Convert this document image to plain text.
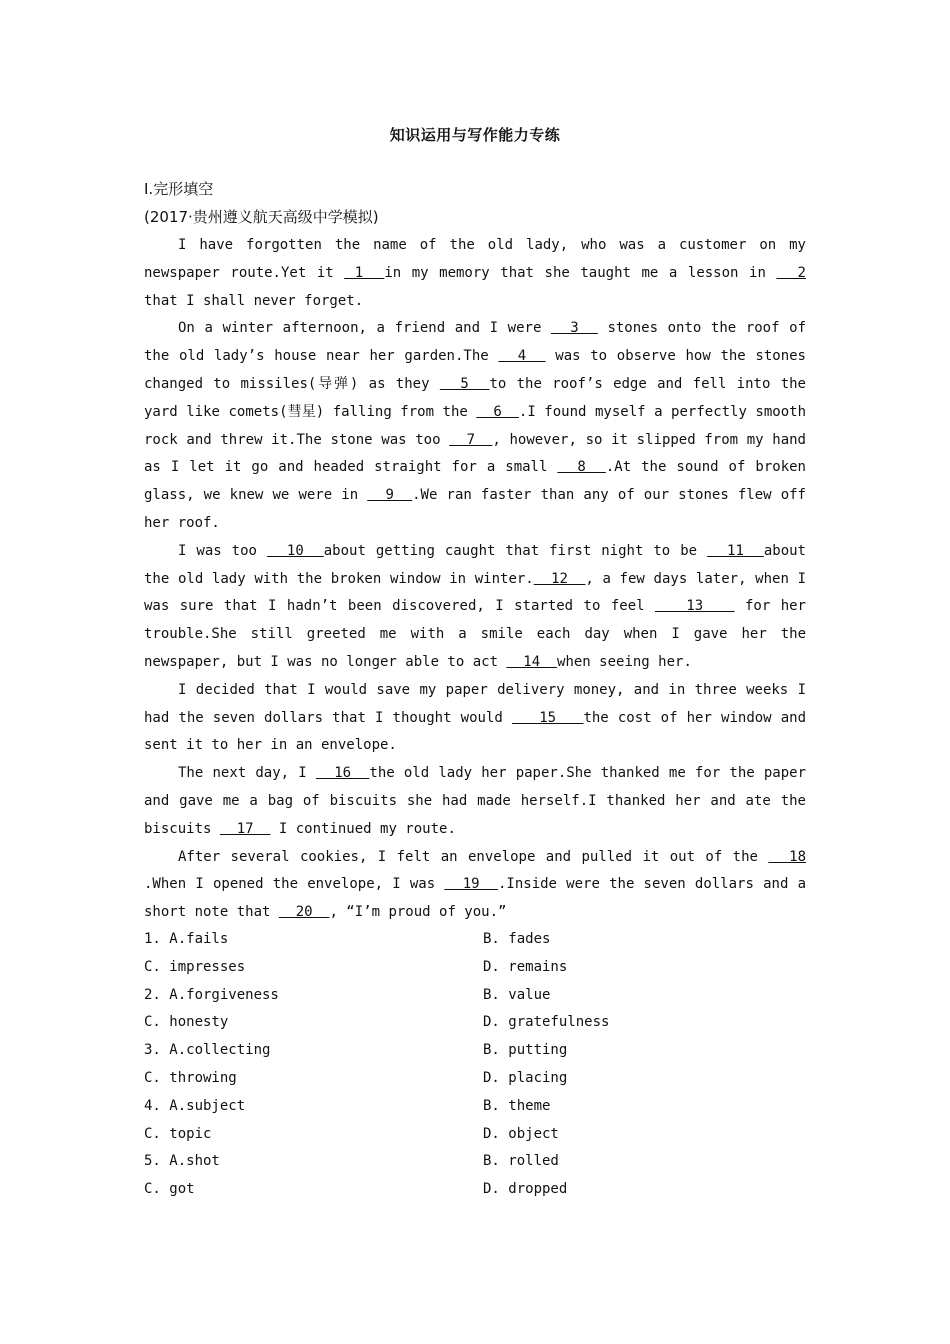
知识运用与写作能力专练
Ⅰ.完形填空
(2017·贵州遵义航天高级中学模拟)

I have forgotten the name of the old lady, who was a customer on my newspaper route.Yet it  1  in my memory that she taught me a lesson in   2 that I shall never forget.

On a winter afternoon, a friend and I were   3   stones onto the roof of the old lady’s house near her garden.The   4   was to observe how the stones changed to missiles(导弹) as they   5  to the roof’s edge and fell into the yard like comets(彗星) falling from the   6  .I found myself a perfectly smooth rock and threw it.The stone was too   7  , however, so it slipped from my hand as I let it go and headed straight for a small   8  .At the sound of broken glass, we knew we were in   9  .We ran faster than any of our stones flew off her roof.

I was too   10  about getting caught that first night to be   11  about the old lady with the broken window in winter.  12  , a few days later, when I was sure that I hadn’t been discovered, I started to feel    13    for her trouble.She still greeted me with a smile each day when I gave her the newspaper, but I was no longer able to act   14  when seeing her.

I decided that I would save my paper delivery money, and in three weeks I had the seven dollars that I thought would    15   the cost of her window and sent it to her in an envelope.

The next day, I   16  the old lady her paper.She thanked me for the paper and gave me a bag of biscuits she had made herself.I thanked her and ate the biscuits   17   I continued my route.

After several cookies, I felt an envelope and pulled it out of the   18 .When I opened the envelope, I was   19  .Inside were the seven dollars and a short note that   20  , “I’m proud of you.”

1. A.fails	B. fades
C. impresses	D. remains
2. A.forgiveness	B. value
C. honesty	D. gratefulness
3. A.collecting	B. putting
C. throwing	D. placing
4. A.subject	B. theme
C. topic	D. object
5. A.shot	B. rolled
C. got	D. dropped
